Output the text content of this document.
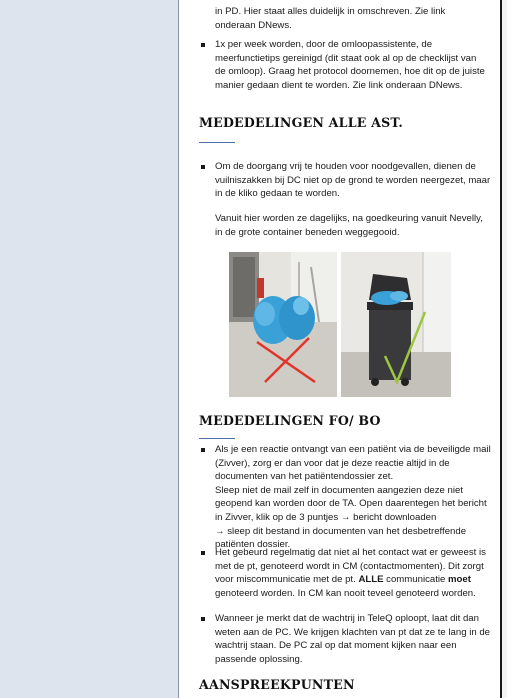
in PD. Hier staat alles duidelijk in omschreven. Zie link onderaan DNews.
1x per week worden, door de omloopassistente, de meerfunctietips gereinigd (dit staat ook al op de checklijst van de omloop). Graag het protocol doornemen, hoe dit op de juiste manier gedaan dient te worden. Zie link onderaan DNews.
MEDEDELINGEN ALLE AST.
Om de doorgang vrij te houden voor noodgevallen, dienen de vuilniszakken bij DC niet op de grond te worden neergezet, maar in de kliko gedaan te worden.
Vanuit hier worden ze dagelijks, na goedkeuring vanuit Nevelly, in de grote container beneden weggegooid.
MEDEDELINGEN FO/ BO
Als je een reactie ontvangt van een patiënt via de beveiligde mail (Zivver), zorg er dan voor dat je deze reactie altijd in de documenten van het patiëntendossier zet.
Sleep niet de mail zelf in documenten aangezien deze niet geopend kan worden door de TA. Open daarentegen het bericht in Zivver, klik op de 3 puntjes → bericht downloaden
→ sleep dit bestand in documenten van het desbetreffende patiënten dossier.
Het gebeurd regelmatig dat niet al het contact wat er geweest is met de pt, genoteerd wordt in CM (contactmomenten). Dit zorgt voor miscommunicatie met de pt. ALLE communicatie moet genoteerd worden. In CM kan nooit teveel genoteerd worden.
Wanneer je merkt dat de wachtrij in TeleQ oploopt, laat dit dan weten aan de PC. We krijgen klachten van pt dat ze te lang in de wachtrij staan. De PC zal op dat moment kijken naar een passende oplossing.
AANSPREEKPUNTEN
